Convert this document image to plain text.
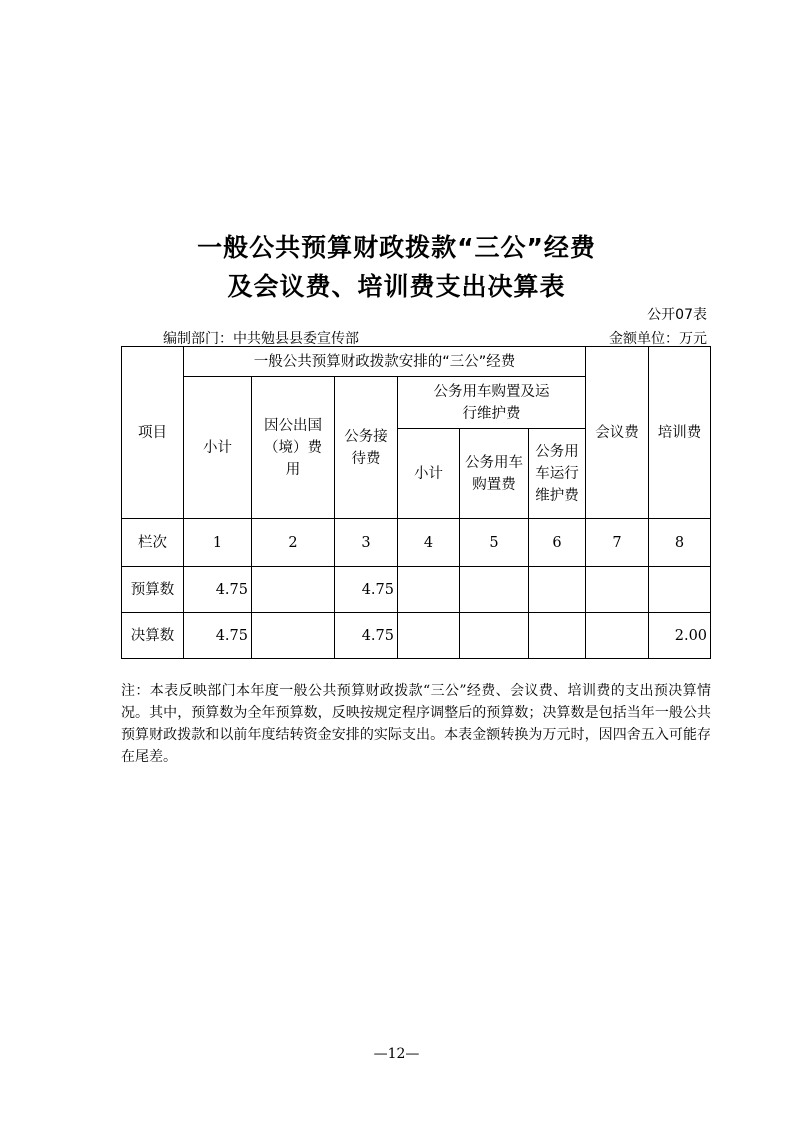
一般公共预算财政拨款“三公”经费
及会议费、培训费支出决算表
公开07表
编制部门：中共勉县县委宣传部	金额单位：万元
项目	一般公共预算财政拨款安排的“三公”经费						会议费	培训费
	小计	因公出国（境）费用	公务接待费	公务用车购置及运行维护费				
				小计	公务用车购置费	公务用车运行维护费		

栏次	1	2	3	4	5	6	7	8
预算数	4.75		4.75					
决算数	4.75		4.75					2.00
注：本表反映部门本年度一般公共预算财政拨款“三公”经费、会议费、培训费的支出预决算情况。其中，预算数为全年预算数，反映按规定程序调整后的预算数；决算数是包括当年一般公共预算财政拨款和以前年度结转资金安排的实际支出。本表金额转换为万元时，因四舍五入可能存在尾差。
—12—
